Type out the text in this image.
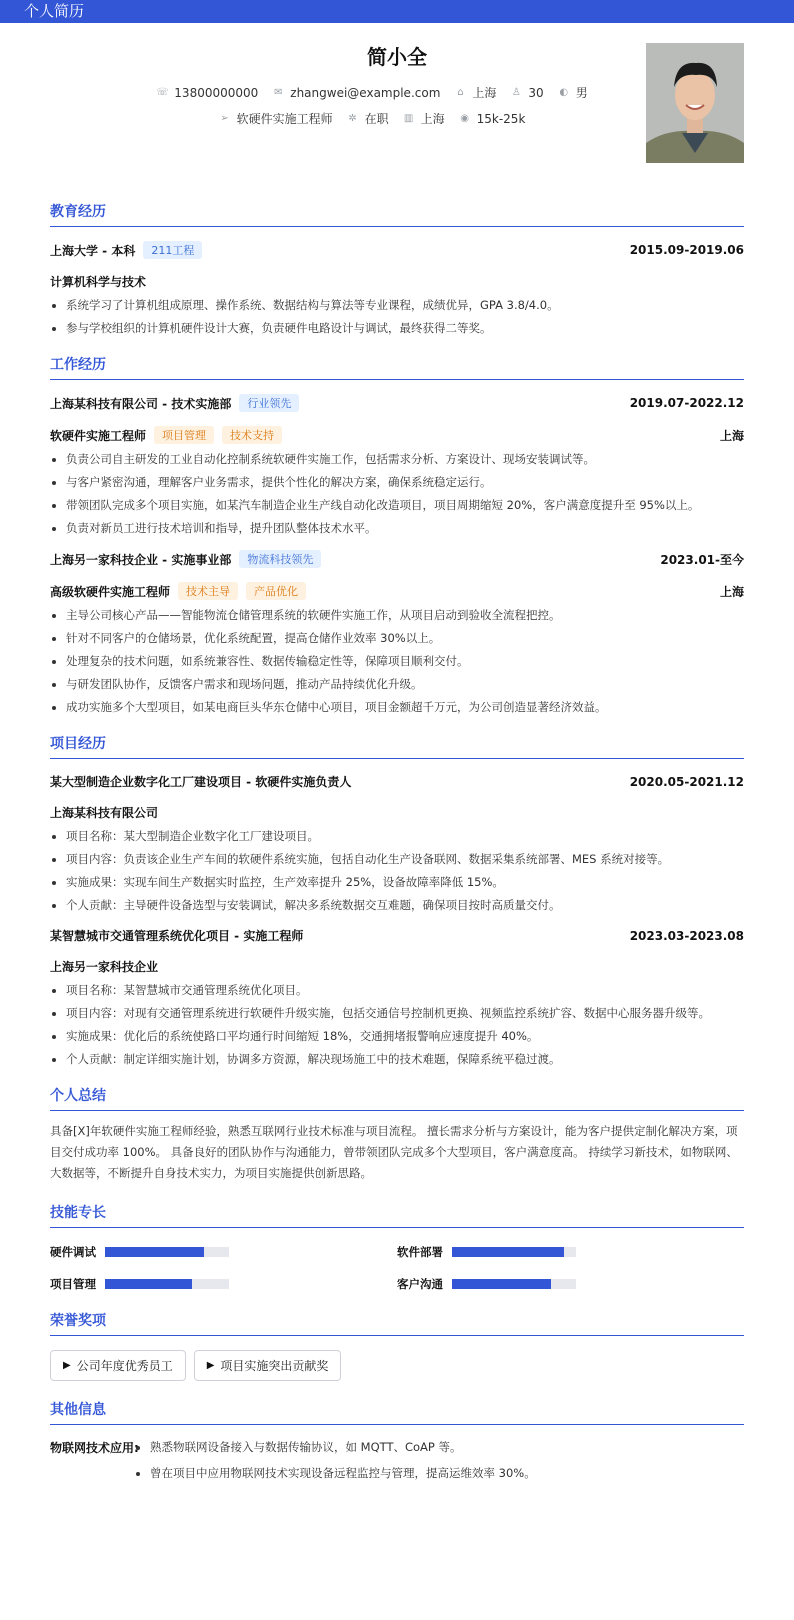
个人简历
简小全
☏ 13800000000 ✉ zhangwei@example.com ⌂ 上海 ♙ 30 ◐ 男
➢ 软硬件实施工程师 ✲ 在职 ▥ 上海 ◉ 15k-25k
教育经历
上海大学 - 本科	211工程	2015.09-2019.06
计算机科学与技术
• 系统学习了计算机组成原理、操作系统、数据结构与算法等专业课程，成绩优异，GPA 3.8/4.0。
• 参与学校组织的计算机硬件设计大赛，负责硬件电路设计与调试，最终获得二等奖。
工作经历
上海某科技有限公司 - 技术实施部	行业领先	2019.07-2022.12
软硬件实施工程师	项目管理	技术支持	上海
• 负责公司自主研发的工业自动化控制系统软硬件实施工作，包括需求分析、方案设计、现场安装调试等。
• 与客户紧密沟通，理解客户业务需求，提供个性化的解决方案，确保系统稳定运行。
• 带领团队完成多个项目实施，如某汽车制造企业生产线自动化改造项目，项目周期缩短 20%，客户满意度提升至 95%以上。
• 负责对新员工进行技术培训和指导，提升团队整体技术水平。
上海另一家科技企业 - 实施事业部	物流科技领先	2023.01-至今
高级软硬件实施工程师	技术主导	产品优化	上海
• 主导公司核心产品——智能物流仓储管理系统的软硬件实施工作，从项目启动到验收全流程把控。
• 针对不同客户的仓储场景，优化系统配置，提高仓储作业效率 30%以上。
• 处理复杂的技术问题，如系统兼容性、数据传输稳定性等，保障项目顺利交付。
• 与研发团队协作，反馈客户需求和现场问题，推动产品持续优化升级。
• 成功实施多个大型项目，如某电商巨头华东仓储中心项目，项目金额超千万元，为公司创造显著经济效益。
项目经历
某大型制造企业数字化工厂建设项目 - 软硬件实施负责人	2020.05-2021.12
上海某科技有限公司
• 项目名称：某大型制造企业数字化工厂建设项目。
• 项目内容：负责该企业生产车间的软硬件系统实施，包括自动化生产设备联网、数据采集系统部署、MES 系统对接等。
• 实施成果：实现车间生产数据实时监控，生产效率提升 25%，设备故障率降低 15%。
• 个人贡献：主导硬件设备选型与安装调试，解决多系统数据交互难题，确保项目按时高质量交付。
某智慧城市交通管理系统优化项目 - 实施工程师	2023.03-2023.08
上海另一家科技企业
• 项目名称：某智慧城市交通管理系统优化项目。
• 项目内容：对现有交通管理系统进行软硬件升级实施，包括交通信号控制机更换、视频监控系统扩容、数据中心服务器升级等。
• 实施成果：优化后的系统使路口平均通行时间缩短 18%，交通拥堵报警响应速度提升 40%。
• 个人贡献：制定详细实施计划，协调多方资源，解决现场施工中的技术难题，保障系统平稳过渡。
个人总结
具备[X]年软硬件实施工程师经验，熟悉互联网行业技术标准与项目流程。 擅长需求分析与方案设计，能为客户提供定制化解决方案，项目交付成功率 100%。 具备良好的团队协作与沟通能力，曾带领团队完成多个大型项目，客户满意度高。 持续学习新技术，如物联网、大数据等，不断提升自身技术实力，为项目实施提供创新思路。
技能专长
硬件调试	软件部署
项目管理	客户沟通
荣誉奖项
▶ 公司年度优秀员工	▶ 项目实施突出贡献奖
其他信息
物联网技术应用:
• 熟悉物联网设备接入与数据传输协议，如 MQTT、CoAP 等。
• 曾在项目中应用物联网技术实现设备远程监控与管理，提高运维效率 30%。
